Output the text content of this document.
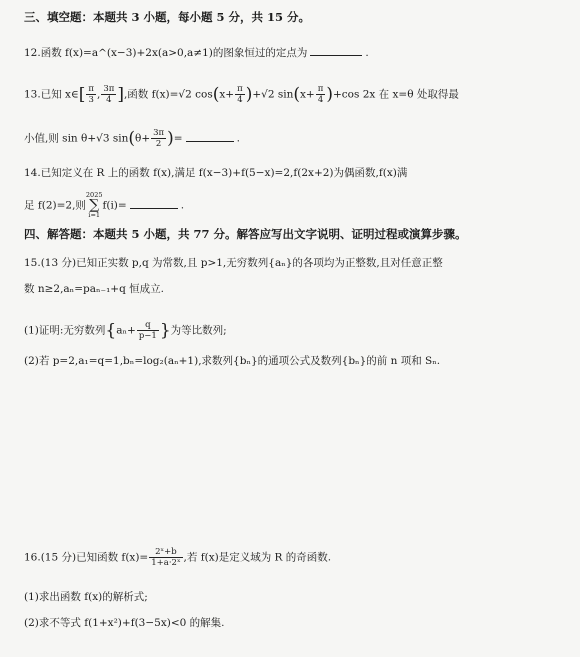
三、填空题：本题共 3 小题，每小题 5 分，共 15 分。
12.函数 f(x)=a^(x−3)+2x(a>0,a≠1)的图象恒过的定点为	.
13.已知 x∈[ $\frac{\pi}{3}$ , $\frac{3\pi}{4}$ ],函数 f(x)=√2 $\cos(x+ \frac{\pi}{4} )+√2$ $\sin(x+ \frac{\pi}{4} )+\cos$ 2x 在 x=θ 处取得最
小值,则 sin θ+√3 $\sin(\theta+ \frac{3\pi}{2}$ )=	.
14.已知定义在 R 上的函数 f(x),满足 f(x−3)+f(5−x)=2,f(2x+2)为偶函数,f(x)满
足 f(2)=2,则2025
∑
i=1f(i)=	.
四、解答题：本题共 5 小题，共 77 分。解答应写出文字说明、证明过程或演算步骤。
15.(13 分)已知正实数 p,q 为常数,且 p>1,无穷数列{aₙ}的各项均为正整数,且对任意正整
数 n≥2,aₙ=paₙ₋₁+q 恒成立.
(1)证明:无穷数列{$a_n+ \frac{q}{p-1}$ }为等比数列;
(2)若 p=2,a₁=q=1,bₙ=log₂(aₙ+1),求数列{bₙ}的通项公式及数列{bₙ}的前 n 项和 Sₙ.
16.(15 分)已知函数 $f(x)= \frac{\text{2ˣ+b}}{\text{1+a·2ˣ}}$ ,若 f(x)是定义域为 R 的奇函数.
(1)求出函数 f(x)的解析式;
(2)求不等式 f(1+x²)+f(3−5x)<0 的解集.
